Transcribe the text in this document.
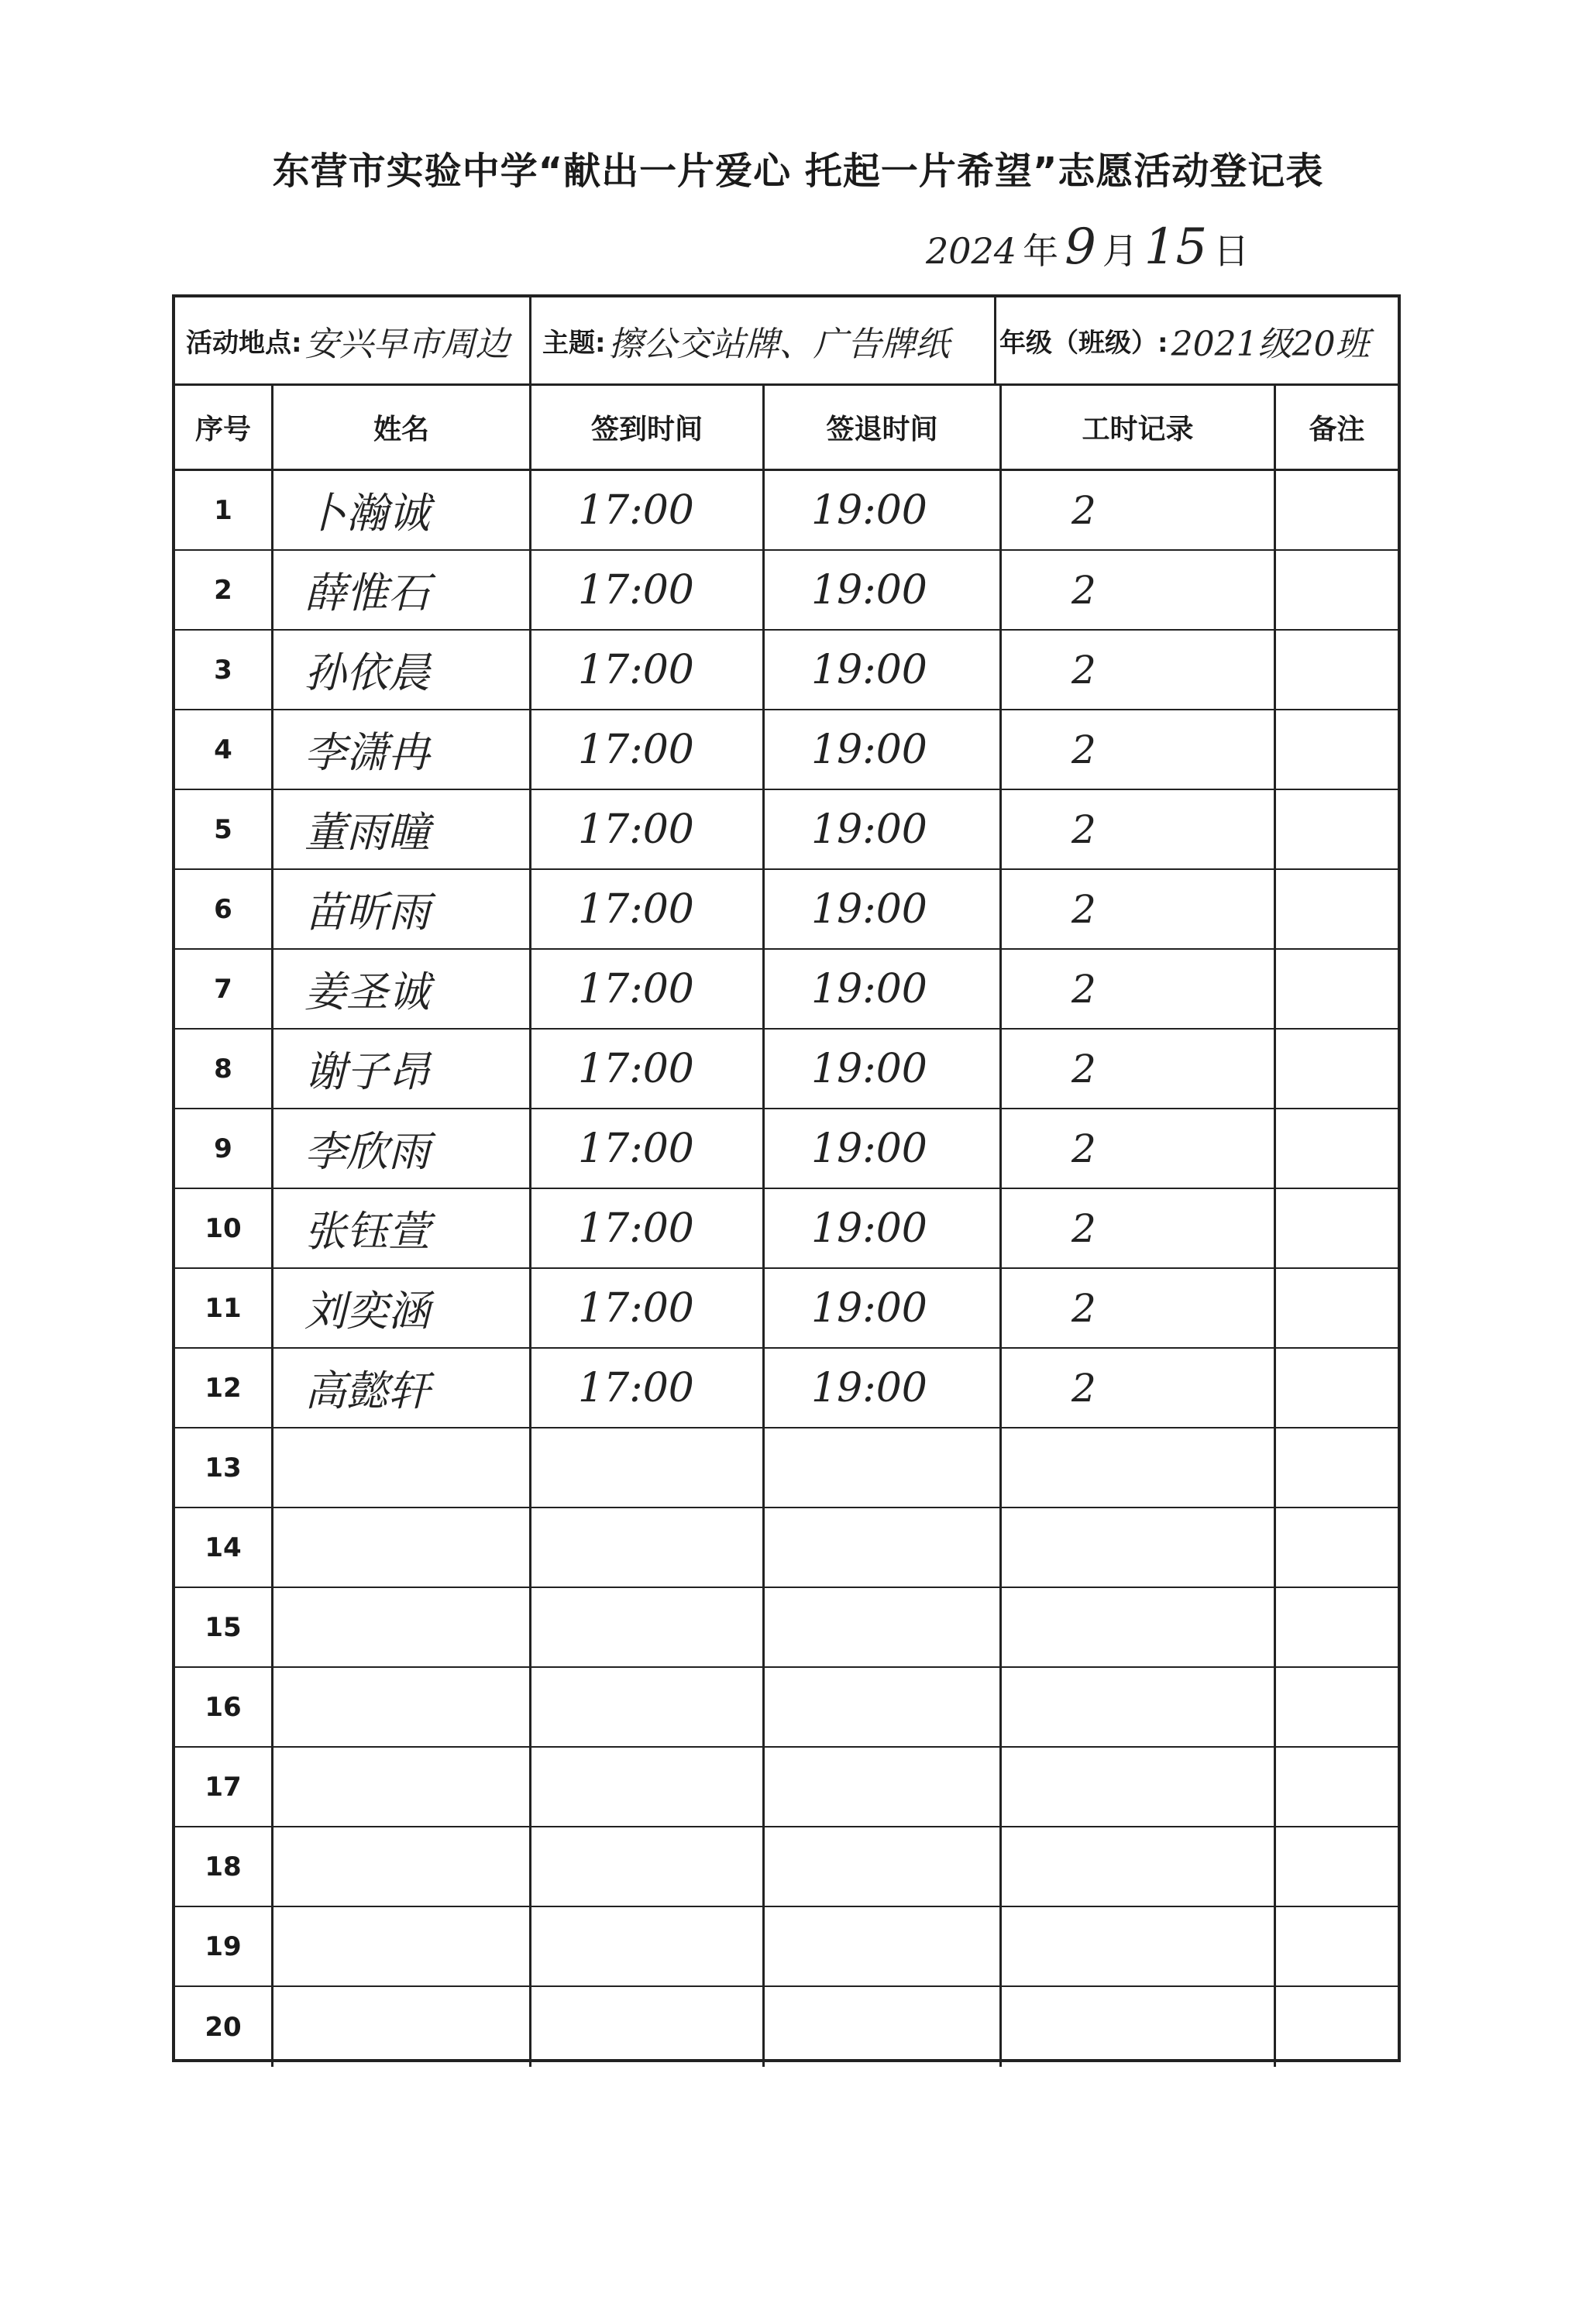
东营市实验中学“献出一片爱心 托起一片希望”志愿活动登记表
2024 年 9 月 15 日
活动地点: 安兴早市周边	主题: 擦公交站牌、广告牌纸 年级（班级）: 2021级20班
序号	姓名	签到时间	签退时间	工时记录	备注
1	卜瀚诚	17:00	19:00	2
2	薛惟石	17:00	19:00	2
3	孙依晨	17:00	19:00	2
4	李潇冉	17:00	19:00	2
5	董雨瞳	17:00	19:00	2
6	苗昕雨	17:00	19:00	2
7	姜圣诚	17:00	19:00	2
8	谢子昂	17:00	19:00	2
9	李欣雨	17:00	19:00	2
10	张钰萱	17:00	19:00	2
11	刘奕涵	17:00	19:00	2
12	高懿轩	17:00	19:00	2
13
14
15
16
17
18
19
20
